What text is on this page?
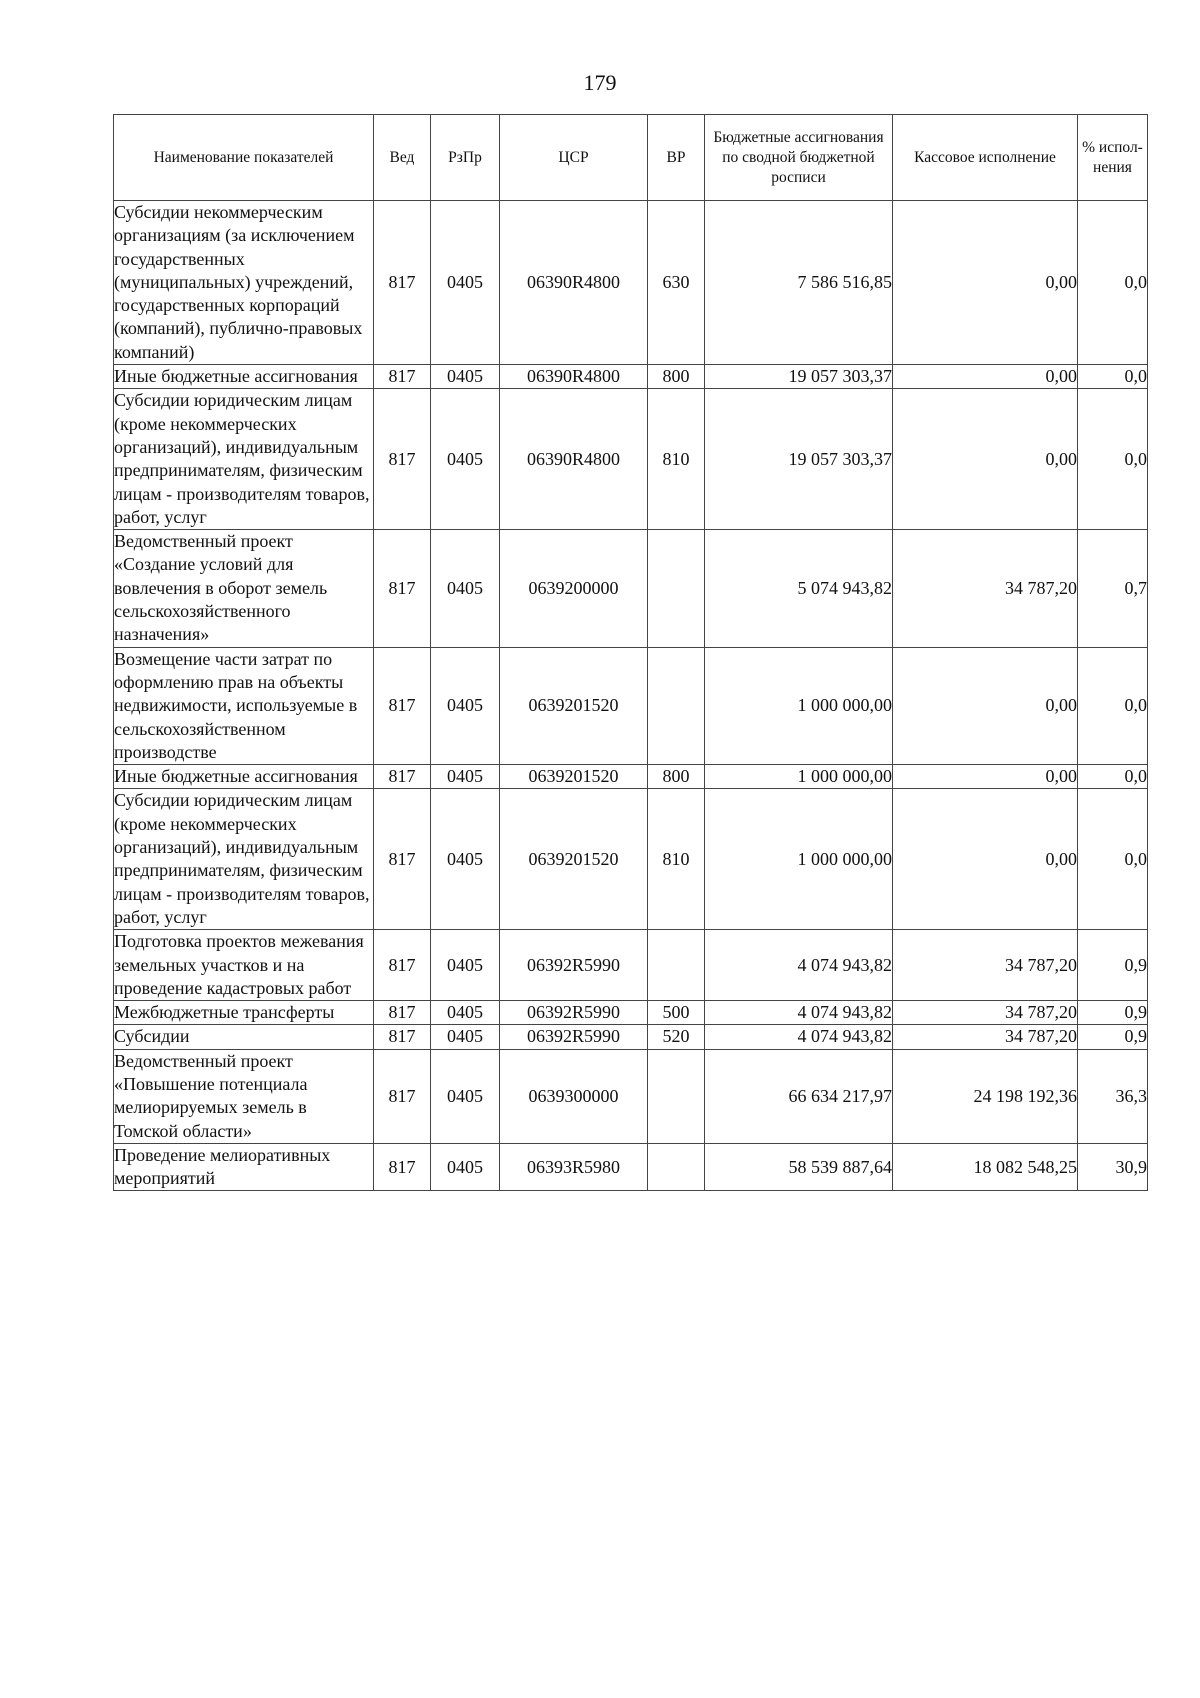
179
Наименование показателей	Вед	РзПр	ЦСР	ВР	Бюджетные ассигнования по сводной бюджетной росписи	Кассовое исполнение	% испол-нения
Субсидии некоммерческим организациям (за исключением государственных (муниципальных) учреждений, государственных корпораций (компаний), публично-правовых компаний)	817	0405	06390R4800	630	7 586 516,85	0,00	0,0
Иные бюджетные ассигнования	817	0405	06390R4800	800	19 057 303,37	0,00	0,0
Субсидии юридическим лицам (кроме некоммерческих организаций), индивидуальным предпринимателям, физическим лицам - производителям товаров, работ, услуг	817	0405	06390R4800	810	19 057 303,37	0,00	0,0
Ведомственный проект «Создание условий для вовлечения в оборот земель сельскохозяйственного назначения»	817	0405	0639200000		5 074 943,82	34 787,20	0,7
Возмещение части затрат по оформлению прав на объекты недвижимости, используемые в сельскохозяйственном производстве	817	0405	0639201520		1 000 000,00	0,00	0,0
Иные бюджетные ассигнования	817	0405	0639201520	800	1 000 000,00	0,00	0,0
Субсидии юридическим лицам (кроме некоммерческих организаций), индивидуальным предпринимателям, физическим лицам - производителям товаров, работ, услуг	817	0405	0639201520	810	1 000 000,00	0,00	0,0
Подготовка проектов межевания земельных участков и на проведение кадастровых работ	817	0405	06392R5990		4 074 943,82	34 787,20	0,9
Межбюджетные трансферты	817	0405	06392R5990	500	4 074 943,82	34 787,20	0,9
Субсидии	817	0405	06392R5990	520	4 074 943,82	34 787,20	0,9
Ведомственный проект «Повышение потенциала мелиорируемых земель в Томской области»	817	0405	0639300000		66 634 217,97	24 198 192,36	36,3
Проведение мелиоративных мероприятий	817	0405	06393R5980		58 539 887,64	18 082 548,25	30,9
